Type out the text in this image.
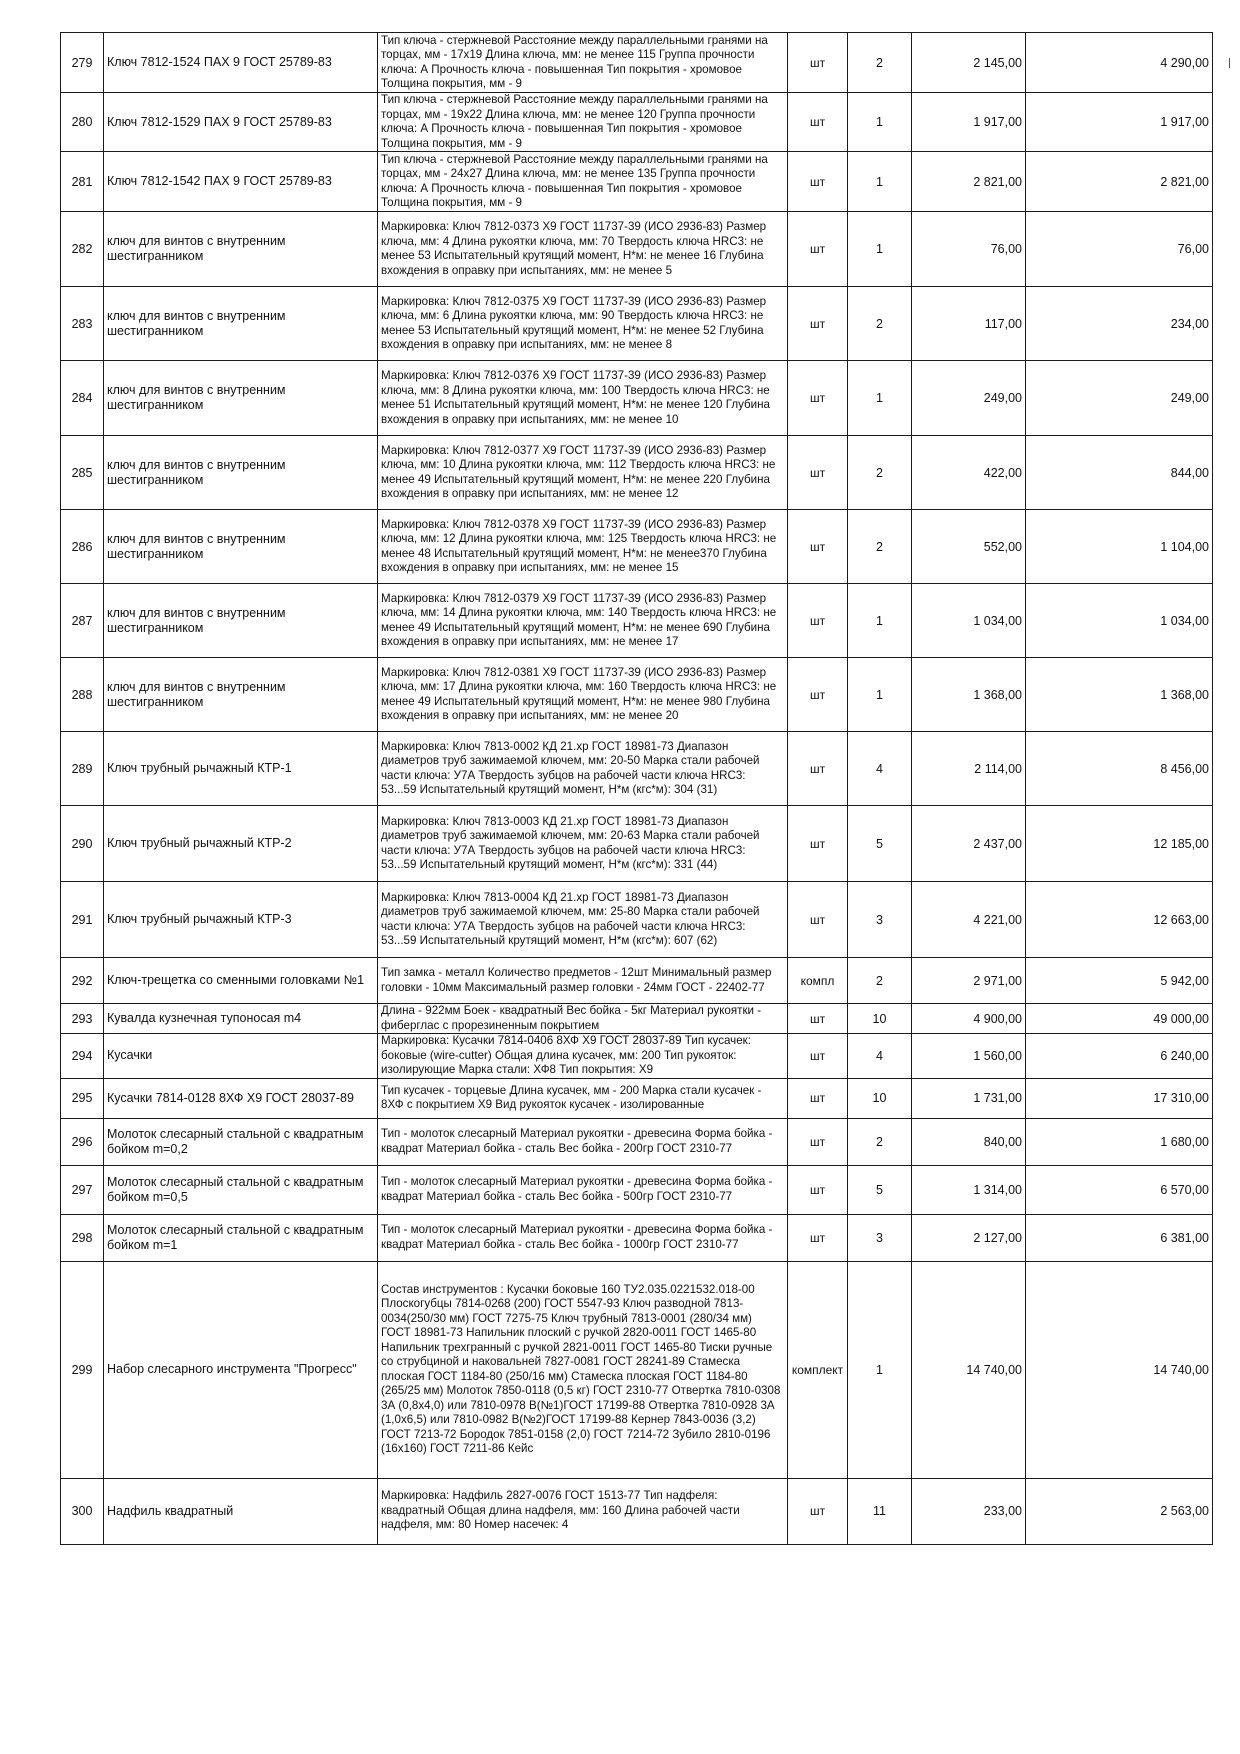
279	Ключ 7812-1524 ПАХ 9 ГОСТ 25789-83	Тип ключа - стержневой Расстояние между параллельными гранями на торцах, мм - 17х19 Длина ключа, мм: не менее 115 Группа прочности ключа: А Прочность ключа - повышенная Тип покрытия - хромовое Толщина покрытия, мм - 9	шт	2	2 145,00	4 290,00
280	Ключ 7812-1529 ПАХ 9 ГОСТ 25789-83	Тип ключа - стержневой Расстояние между параллельными гранями на торцах, мм - 19х22 Длина ключа, мм: не менее 120 Группа прочности ключа: А Прочность ключа - повышенная Тип покрытия - хромовое Толщина покрытия, мм - 9	шт	1	1 917,00	1 917,00
281	Ключ 7812-1542 ПАХ 9 ГОСТ 25789-83	Тип ключа - стержневой Расстояние между параллельными гранями на торцах, мм - 24х27 Длина ключа, мм: не менее 135 Группа прочности ключа: А Прочность ключа - повышенная Тип покрытия - хромовое Толщина покрытия, мм - 9	шт	1	2 821,00	2 821,00
282	ключ для винтов с внутренним шестигранником	Маркировка: Ключ 7812-0373 Х9 ГОСТ 11737-39 (ИСО 2936-83) Размер ключа, мм: 4 Длина рукоятки ключа, мм: 70 Твердость ключа HRC3: не менее 53 Испытательный крутящий момент, Н*м: не менее 16 Глубина вхождения в оправку при испытаниях, мм: не менее 5	шт	1	76,00	76,00
283	ключ для винтов с внутренним шестигранником	Маркировка: Ключ 7812-0375 Х9 ГОСТ 11737-39 (ИСО 2936-83) Размер ключа, мм: 6 Длина рукоятки ключа, мм: 90 Твердость ключа HRC3: не менее 53 Испытательный крутящий момент, Н*м: не менее 52 Глубина вхождения в оправку при испытаниях, мм: не менее 8	шт	2	117,00	234,00
284	ключ для винтов с внутренним шестигранником	Маркировка: Ключ 7812-0376 Х9 ГОСТ 11737-39 (ИСО 2936-83) Размер ключа, мм: 8 Длина рукоятки ключа, мм: 100 Твердость ключа HRC3: не менее 51 Испытательный крутящий момент, Н*м: не менее 120 Глубина вхождения в оправку при испытаниях, мм: не менее 10	шт	1	249,00	249,00
285	ключ для винтов с внутренним шестигранником	Маркировка: Ключ 7812-0377 Х9 ГОСТ 11737-39 (ИСО 2936-83) Размер ключа, мм: 10 Длина рукоятки ключа, мм: 112 Твердость ключа HRC3: не менее 49 Испытательный крутящий момент, Н*м: не менее 220 Глубина вхождения в оправку при испытаниях, мм: не менее 12	шт	2	422,00	844,00
286	ключ для винтов с внутренним шестигранником	Маркировка: Ключ 7812-0378 Х9 ГОСТ 11737-39 (ИСО 2936-83) Размер ключа, мм: 12 Длина рукоятки ключа, мм: 125 Твердость ключа HRC3: не менее 48 Испытательный крутящий момент, Н*м: не менее370 Глубина вхождения в оправку при испытаниях, мм: не менее 15	шт	2	552,00	1 104,00
287	ключ для винтов с внутренним шестигранником	Маркировка: Ключ 7812-0379 Х9 ГОСТ 11737-39 (ИСО 2936-83) Размер ключа, мм: 14 Длина рукоятки ключа, мм: 140 Твердость ключа HRC3: не менее 49 Испытательный крутящий момент, Н*м: не менее 690 Глубина вхождения в оправку при испытаниях, мм: не менее 17	шт	1	1 034,00	1 034,00
288	ключ для винтов с внутренним шестигранником	Маркировка: Ключ 7812-0381 Х9 ГОСТ 11737-39 (ИСО 2936-83) Размер ключа, мм: 17 Длина рукоятки ключа, мм: 160 Твердость ключа HRC3: не менее 49 Испытательный крутящий момент, Н*м: не менее 980 Глубина вхождения в оправку при испытаниях, мм: не менее 20	шт	1	1 368,00	1 368,00
289	Ключ трубный рычажный КТР-1	Маркировка: Ключ 7813-0002 КД 21.хр ГОСТ 18981-73 Диапазон диаметров труб зажимаемой ключем, мм: 20-50 Марка стали рабочей части ключа: У7А Твердость зубцов на рабочей части ключа HRC3: 53...59 Испытательный крутящий момент, Н*м (кгс*м): 304 (31)	шт	4	2 114,00	8 456,00
290	Ключ трубный рычажный КТР-2	Маркировка: Ключ 7813-0003 КД 21.хр ГОСТ 18981-73 Диапазон диаметров труб зажимаемой ключем, мм: 20-63 Марка стали рабочей части ключа: У7А Твердость зубцов на рабочей части ключа HRC3: 53...59 Испытательный крутящий момент, Н*м (кгс*м): 331 (44)	шт	5	2 437,00	12 185,00
291	Ключ трубный рычажный КТР-3	Маркировка: Ключ 7813-0004 КД 21.хр ГОСТ 18981-73 Диапазон диаметров труб зажимаемой ключем, мм: 25-80 Марка стали рабочей части ключа: У7А Твердость зубцов на рабочей части ключа HRC3: 53...59 Испытательный крутящий момент, Н*м (кгс*м): 607 (62)	шт	3	4 221,00	12 663,00
292	Ключ-трещетка со сменными головками №1	Тип замка - металл Количество предметов - 12шт Минимальный размер головки - 10мм Максимальный размер головки - 24мм ГОСТ - 22402-77	компл	2	2 971,00	5 942,00
293	Кувалда кузнечная тупоносая m4	Длина - 922мм Боек - квадратный Вес бойка - 5кг Материал рукоятки - фиберглас с прорезиненным покрытием	шт	10	4 900,00	49 000,00
294	Кусачки	Маркировка: Кусачки 7814-0406 8ХФ Х9 ГОСТ 28037-89 Тип кусачек: боковые (wire-cutter) Общая длина кусачек, мм: 200 Тип рукояток: изолирующие Марка стали: ХФ8 Тип покрытия: Х9	шт	4	1 560,00	6 240,00
295	Кусачки 7814-0128 8ХФ Х9 ГОСТ 28037-89	Тип кусачек - торцевые Длина кусачек, мм - 200 Марка стали кусачек - 8ХФ с покрытием Х9 Вид рукояток кусачек - изолированные	шт	10	1 731,00	17 310,00
296	Молоток слесарный стальной с квадратным бойком m=0,2	Тип - молоток слесарный Материал рукоятки - древесина Форма бойка - квадрат Материал бойка - сталь Вес бойка - 200гр ГОСТ 2310-77	шт	2	840,00	1 680,00
297	Молоток слесарный стальной с квадратным бойком m=0,5	Тип - молоток слесарный Материал рукоятки - древесина Форма бойка - квадрат Материал бойка - сталь Вес бойка - 500гр ГОСТ 2310-77	шт	5	1 314,00	6 570,00
298	Молоток слесарный стальной с квадратным бойком m=1	Тип - молоток слесарный Материал рукоятки - древесина Форма бойка - квадрат Материал бойка - сталь Вес бойка - 1000гр ГОСТ 2310-77	шт	3	2 127,00	6 381,00
299	Набор слесарного инструмента "Прогресс"	Состав инструментов : Кусачки боковые 160 ТУ2.035.0221532.018-00 Плоскогубцы 7814-0268 (200) ГОСТ 5547-93 Ключ разводной 7813-0034(250/30 мм) ГОСТ 7275-75 Ключ трубный 7813-0001 (280/34 мм) ГОСТ 18981-73 Напильник плоский с ручкой 2820-0011 ГОСТ 1465-80 Напильник трехгранный с ручкой 2821-0011 ГОСТ 1465-80 Тиски ручные со струбциной и наковальней 7827-0081 ГОСТ 28241-89 Стамеска плоская ГОСТ 1184-80 (250/16 мм) Стамеска плоская ГОСТ 1184-80 (265/25 мм) Молоток 7850-0118 (0,5 кг) ГОСТ 2310-77 Отвертка 7810-0308 3А (0,8х4,0) или 7810-0978 В(№1)ГОСТ 17199-88 Отвертка 7810-0928 3А (1,0х6,5) или 7810-0982 В(№2)ГОСТ 17199-88 Кернер 7843-0036 (3,2) ГОСТ 7213-72 Бородок 7851-0158 (2,0) ГОСТ 7214-72 Зубило 2810-0196 (16х160) ГОСТ 7211-86 Кейс	комплект	1	14 740,00	14 740,00
300	Надфиль квадратный	Маркировка: Надфиль 2827-0076 ГОСТ 1513-77 Тип надфеля: квадратный Общая длина надфеля, мм: 160 Длина рабочей части надфеля, мм: 80 Номер насечек: 4	шт	11	233,00	2 563,00
